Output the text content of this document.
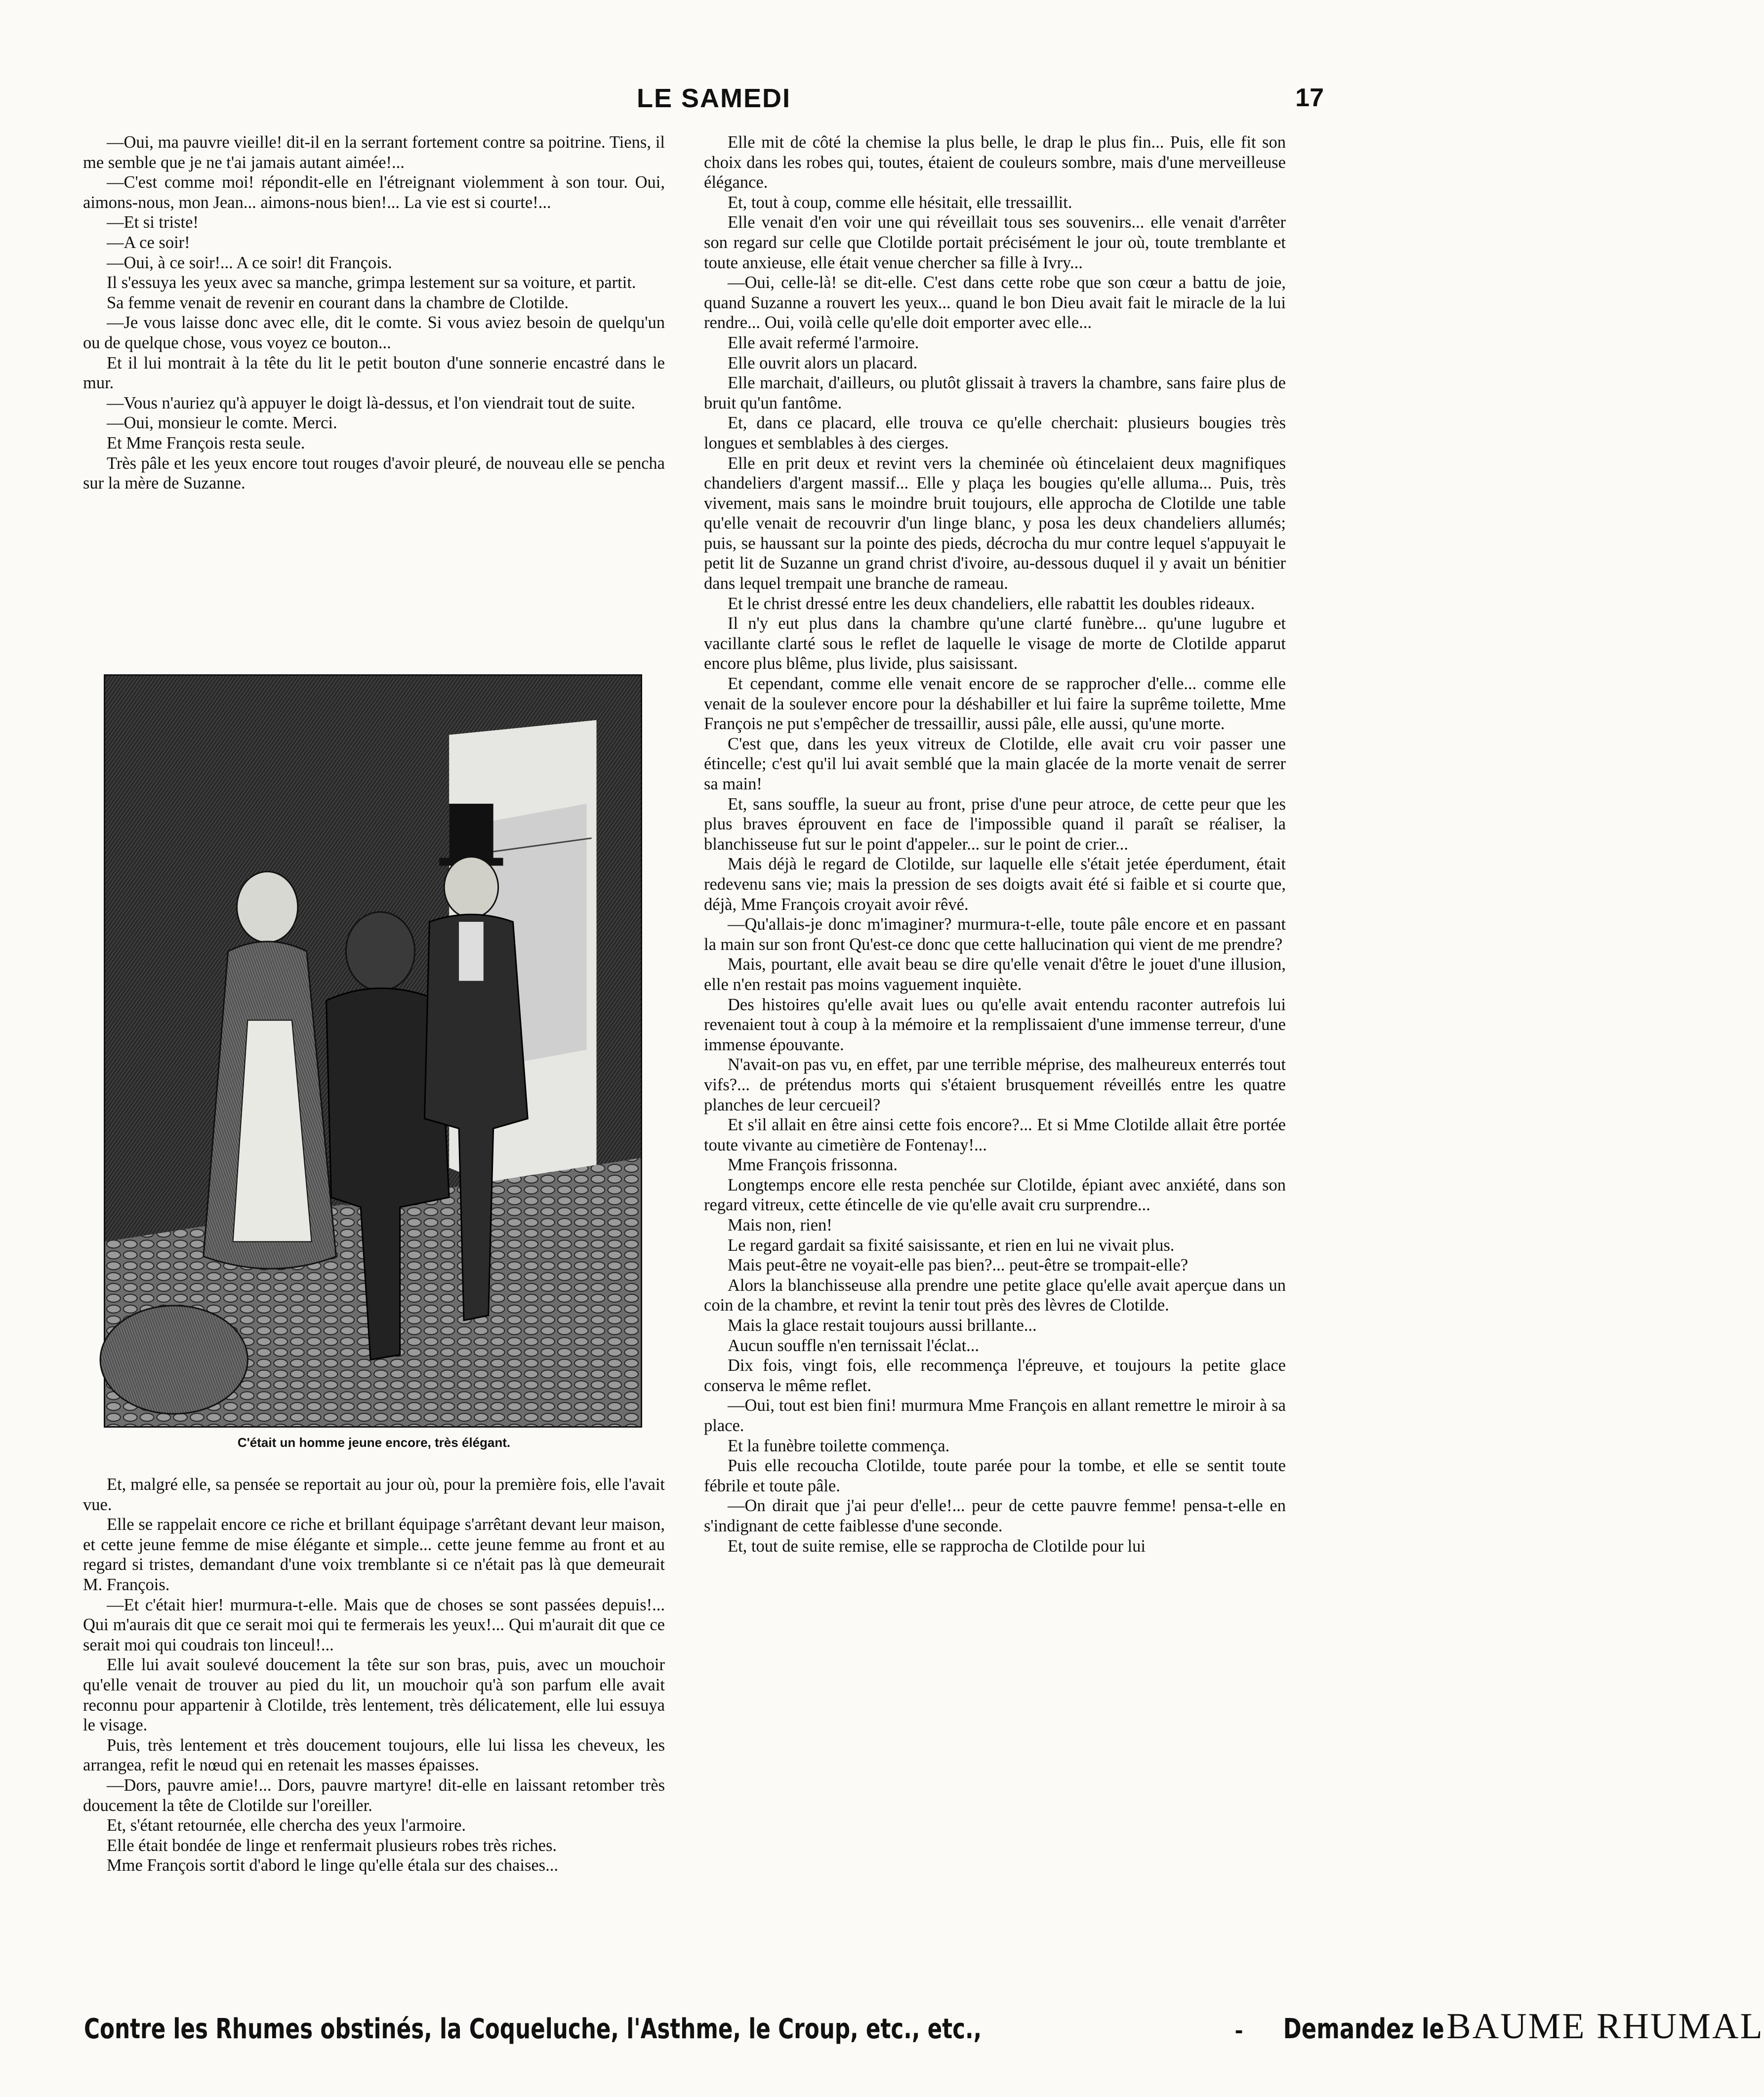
LE SAMEDI	17

—Oui, ma pauvre vieille! dit-il en la serrant fortement contre sa poitrine. Tiens, il me semble que je ne t'ai jamais autant aimée!...

—C'est comme moi! répondit-elle en l'étreignant violemment à son tour. Oui, aimons-nous, mon Jean... aimons-nous bien!... La vie est si courte!...

—Et si triste!

—A ce soir!

—Oui, à ce soir!... A ce soir! dit François.

Il s'essuya les yeux avec sa manche, grimpa lestement sur sa voiture, et partit.

Sa femme venait de revenir en courant dans la chambre de Clotilde.

—Je vous laisse donc avec elle, dit le comte. Si vous aviez besoin de quelqu'un ou de quelque chose, vous voyez ce bouton...

Et il lui montrait à la tête du lit le petit bouton d'une sonnerie encastré dans le mur.

—Vous n'auriez qu'à appuyer le doigt là-dessus, et l'on viendrait tout de suite.

—Oui, monsieur le comte. Merci.

Et Mme François resta seule.

Très pâle et les yeux encore tout rouges d'avoir pleuré, de nouveau elle se pencha sur la mère de Suzanne.

C'était un homme jeune encore, très élégant.

Et, malgré elle, sa pensée se reportait au jour où, pour la première fois, elle l'avait vue.

Elle se rappelait encore ce riche et brillant équipage s'arrêtant devant leur maison, et cette jeune femme de mise élégante et simple... cette jeune femme au front et au regard si tristes, demandant d'une voix tremblante si ce n'était pas là que demeurait M. François.

—Et c'était hier! murmura-t-elle. Mais que de choses se sont passées depuis!... Qui m'aurais dit que ce serait moi qui te fermerais les yeux!... Qui m'aurait dit que ce serait moi qui coudrais ton linceul!...

Elle lui avait soulevé doucement la tête sur son bras, puis, avec un mouchoir qu'elle venait de trouver au pied du lit, un mouchoir qu'à son parfum elle avait reconnu pour appartenir à Clotilde, très lentement, très délicatement, elle lui essuya le visage.

Puis, très lentement et très doucement toujours, elle lui lissa les cheveux, les arrangea, refit le nœud qui en retenait les masses épaisses.

—Dors, pauvre amie!... Dors, pauvre martyre! dit-elle en laissant retomber très doucement la tête de Clotilde sur l'oreiller.

Et, s'étant retournée, elle chercha des yeux l'armoire.

Elle était bondée de linge et renfermait plusieurs robes très riches.

Mme François sortit d'abord le linge qu'elle étala sur des chaises...

Elle mit de côté la chemise la plus belle, le drap le plus fin... Puis, elle fit son choix dans les robes qui, toutes, étaient de couleurs sombre, mais d'une merveilleuse élégance.

Et, tout à coup, comme elle hésitait, elle tressaillit.

Elle venait d'en voir une qui réveillait tous ses souvenirs... elle venait d'arrêter son regard sur celle que Clotilde portait précisément le jour où, toute tremblante et toute anxieuse, elle était venue chercher sa fille à Ivry...

—Oui, celle-là! se dit-elle. C'est dans cette robe que son cœur a battu de joie, quand Suzanne a rouvert les yeux... quand le bon Dieu avait fait le miracle de la lui rendre... Oui, voilà celle qu'elle doit emporter avec elle...

Elle avait refermé l'armoire.

Elle ouvrit alors un placard.

Elle marchait, d'ailleurs, ou plutôt glissait à travers la chambre, sans faire plus de bruit qu'un fantôme.

Et, dans ce placard, elle trouva ce qu'elle cherchait: plusieurs bougies très longues et semblables à des cierges.

Elle en prit deux et revint vers la cheminée où étincelaient deux magnifiques chandeliers d'argent massif... Elle y plaça les bougies qu'elle alluma... Puis, très vivement, mais sans le moindre bruit toujours, elle approcha de Clotilde une table qu'elle venait de recouvrir d'un linge blanc, y posa les deux chandeliers allumés; puis, se haussant sur la pointe des pieds, décrocha du mur contre lequel s'appuyait le petit lit de Suzanne un grand christ d'ivoire, au-dessous duquel il y avait un bénitier dans lequel trempait une branche de rameau.

Et le christ dressé entre les deux chandeliers, elle rabattit les doubles rideaux.

Il n'y eut plus dans la chambre qu'une clarté funèbre... qu'une lugubre et vacillante clarté sous le reflet de laquelle le visage de morte de Clotilde apparut encore plus blême, plus livide, plus saisissant.

Et cependant, comme elle venait encore de se rapprocher d'elle... comme elle venait de la soulever encore pour la déshabiller et lui faire la suprême toilette, Mme François ne put s'empêcher de tressaillir, aussi pâle, elle aussi, qu'une morte.

C'est que, dans les yeux vitreux de Clotilde, elle avait cru voir passer une étincelle; c'est qu'il lui avait semblé que la main glacée de la morte venait de serrer sa main!

Et, sans souffle, la sueur au front, prise d'une peur atroce, de cette peur que les plus braves éprouvent en face de l'impossible quand il paraît se réaliser, la blanchisseuse fut sur le point d'appeler... sur le point de crier...

Mais déjà le regard de Clotilde, sur laquelle elle s'était jetée éperdument, était redevenu sans vie; mais la pression de ses doigts avait été si faible et si courte que, déjà, Mme François croyait avoir rêvé.

—Qu'allais-je donc m'imaginer? murmura-t-elle, toute pâle encore et en passant la main sur son front Qu'est-ce donc que cette hallucination qui vient de me prendre?

Mais, pourtant, elle avait beau se dire qu'elle venait d'être le jouet d'une illusion, elle n'en restait pas moins vaguement inquiète.

Des histoires qu'elle avait lues ou qu'elle avait entendu raconter autrefois lui revenaient tout à coup à la mémoire et la remplissaient d'une immense terreur, d'une immense épouvante.

N'avait-on pas vu, en effet, par une terrible méprise, des malheureux enterrés tout vifs?... de prétendus morts qui s'étaient brusquement réveillés entre les quatre planches de leur cercueil?

Et s'il allait en être ainsi cette fois encore?... Et si Mme Clotilde allait être portée toute vivante au cimetière de Fontenay!...

Mme François frissonna.

Longtemps encore elle resta penchée sur Clotilde, épiant avec anxiété, dans son regard vitreux, cette étincelle de vie qu'elle avait cru surprendre...

Mais non, rien!

Le regard gardait sa fixité saisissante, et rien en lui ne vivait plus.

Mais peut-être ne voyait-elle pas bien?... peut-être se trompait-elle?

Alors la blanchisseuse alla prendre une petite glace qu'elle avait aperçue dans un coin de la chambre, et revint la tenir tout près des lèvres de Clotilde.

Mais la glace restait toujours aussi brillante...

Aucun souffle n'en ternissait l'éclat...

Dix fois, vingt fois, elle recommença l'épreuve, et toujours la petite glace conserva le même reflet.

—Oui, tout est bien fini! murmura Mme François en allant remettre le miroir à sa place.

Et la funèbre toilette commença.

Puis elle recoucha Clotilde, toute parée pour la tombe, et elle se sentit toute fébrile et toute pâle.

—On dirait que j'ai peur d'elle!... peur de cette pauvre femme! pensa-t-elle en s'indignant de cette faiblesse d'une seconde.

Et, tout de suite remise, elle se rapprocha de Clotilde pour lui

Contre les Rhumes obstinés, la Coqueluche, l'Asthme, le Croup, etc., etc.,	-	Demandez le BAUME RHUMAL
